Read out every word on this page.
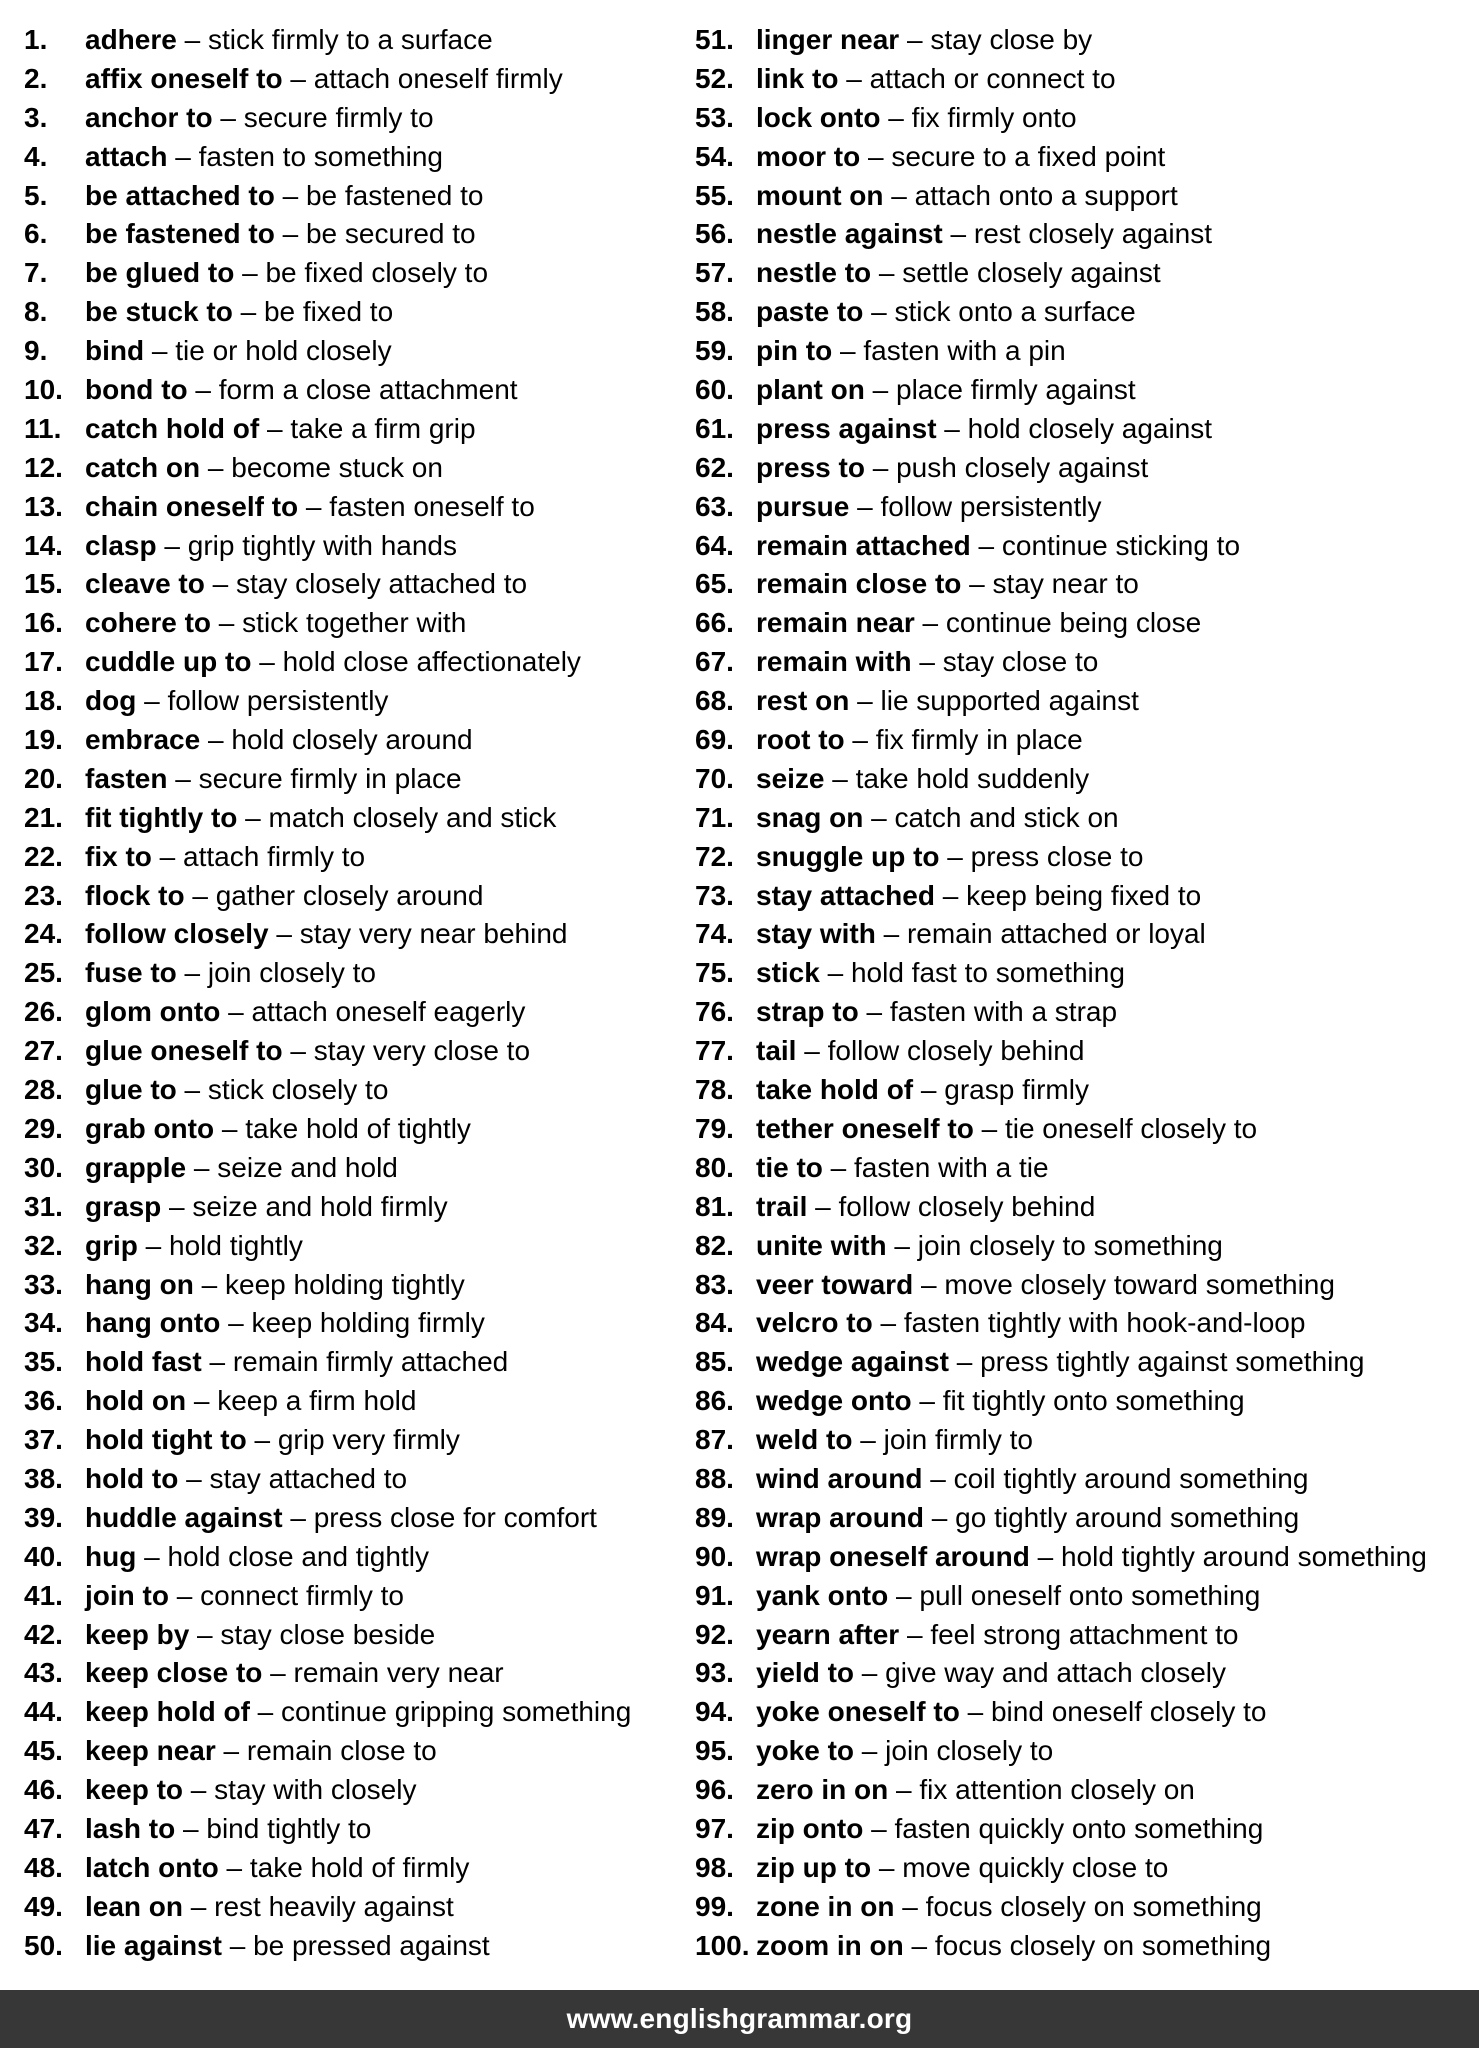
1.	adhere – stick firmly to a surface
2.	affix oneself to – attach oneself firmly
3.	anchor to – secure firmly to
4.	attach – fasten to something
5.	be attached to – be fastened to
6.	be fastened to – be secured to
7.	be glued to – be fixed closely to
8.	be stuck to – be fixed to
9.	bind – tie or hold closely
10. bond to – form a close attachment
11. catch hold of – take a firm grip
12. catch on – become stuck on
13. chain oneself to – fasten oneself to
14. clasp – grip tightly with hands
15. cleave to – stay closely attached to
16. cohere to – stick together with
17. cuddle up to – hold close affectionately
18. dog – follow persistently
19. embrace – hold closely around
20. fasten – secure firmly in place
21. fit tightly to – match closely and stick
22. fix to – attach firmly to
23. flock to – gather closely around
24. follow closely – stay very near behind
25. fuse to – join closely to
26. glom onto – attach oneself eagerly
27. glue oneself to – stay very close to
28. glue to – stick closely to
29. grab onto – take hold of tightly
30. grapple – seize and hold
31. grasp – seize and hold firmly
32. grip – hold tightly
33. hang on – keep holding tightly
34. hang onto – keep holding firmly
35. hold fast – remain firmly attached
36. hold on – keep a firm hold
37. hold tight to – grip very firmly
38. hold to – stay attached to
39. huddle against – press close for comfort
40. hug – hold close and tightly
41. join to – connect firmly to
42. keep by – stay close beside
43. keep close to – remain very near
44. keep hold of – continue gripping something
45. keep near – remain close to
46. keep to – stay with closely
47. lash to – bind tightly to
48. latch onto – take hold of firmly
49. lean on – rest heavily against
50. lie against – be pressed against
51. linger near – stay close by
52. link to – attach or connect to
53. lock onto – fix firmly onto
54. moor to – secure to a fixed point
55. mount on – attach onto a support
56. nestle against – rest closely against
57. nestle to – settle closely against
58. paste to – stick onto a surface
59. pin to – fasten with a pin
60. plant on – place firmly against
61. press against – hold closely against
62. press to – push closely against
63. pursue – follow persistently
64. remain attached – continue sticking to
65. remain close to – stay near to
66. remain near – continue being close
67. remain with – stay close to
68. rest on – lie supported against
69. root to – fix firmly in place
70. seize – take hold suddenly
71. snag on – catch and stick on
72. snuggle up to – press close to
73. stay attached – keep being fixed to
74. stay with – remain attached or loyal
75. stick – hold fast to something
76. strap to – fasten with a strap
77. tail – follow closely behind
78. take hold of – grasp firmly
79. tether oneself to – tie oneself closely to
80. tie to – fasten with a tie
81. trail – follow closely behind
82. unite with – join closely to something
83. veer toward – move closely toward something
84. velcro to – fasten tightly with hook-and-loop
85. wedge against – press tightly against something
86. wedge onto – fit tightly onto something
87. weld to – join firmly to
88. wind around – coil tightly around something
89. wrap around – go tightly around something
90. wrap oneself around – hold tightly around something
91. yank onto – pull oneself onto something
92. yearn after – feel strong attachment to
93. yield to – give way and attach closely
94. yoke oneself to – bind oneself closely to
95. yoke to – join closely to
96. zero in on – fix attention closely on
97. zip onto – fasten quickly onto something
98. zip up to – move quickly close to
99. zone in on – focus closely on something
100. zoom in on – focus closely on something
www.englishgrammar.org
